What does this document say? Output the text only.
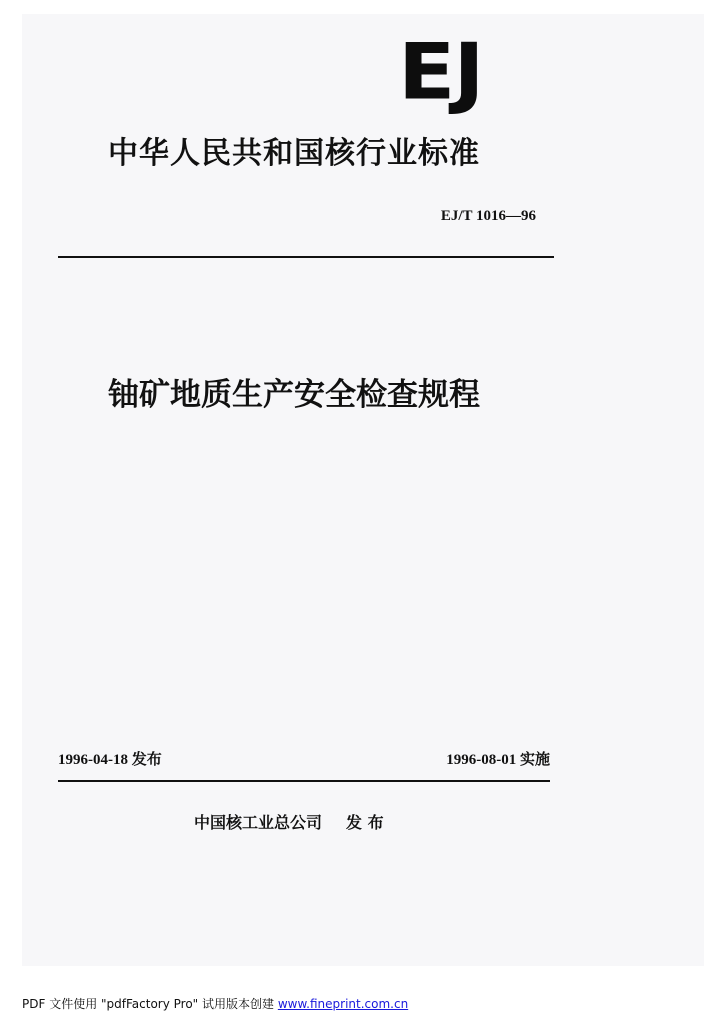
EJ
中华人民共和国核行业标准
EJ/T 1016—96
铀矿地质生产安全检查规程
1996-04-18 发布	1996-08-01 实施
中国核工业总公司 发 布
PDF 文件使用 "pdfFactory Pro" 试用版本创建 www.fineprint.com.cn
